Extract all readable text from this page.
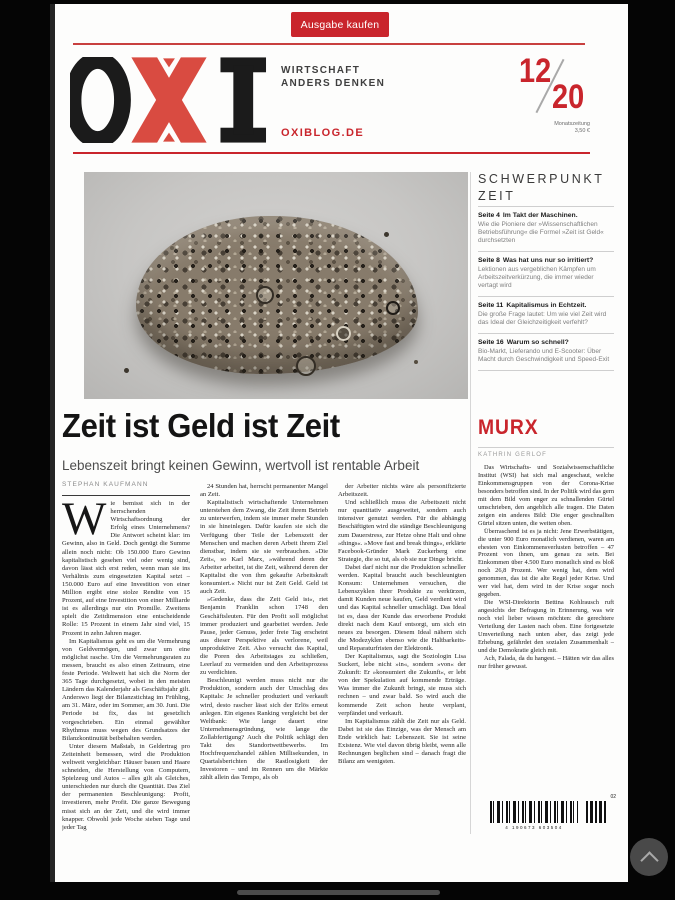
Ausgabe kaufen
WIRTSCHAFT
ANDERS DENKEN
OXIBLOG.DE
12
20
Monatszeitung
3,50 €
Zeit ist Geld ist Zeit
Lebenszeit bringt keinen Gewinn, wertvoll ist rentable Arbeit
STEPHAN KAUFMANN

Wie bemisst sich in der herrschenden Wirtschaftsordnung der Erfolg eines Unternehmens? Die Antwort scheint klar: im Gewinn, also in Geld. Doch genügt die Summe allein noch nicht: Ob 150.000 Euro Gewinn kapitalistisch gesehen viel oder wenig sind, davon lässt sich erst reden, wenn man sie ins Verhältnis zum eingesetzten Kapital setzt – 150.000 Euro auf eine Investition von einer Million ergibt eine stolze Rendite von 15 Prozent, auf eine Investition von einer Milliarde ist es allerdings nur ein Promille. Zweitens spielt die Zeitdimension eine entscheidende Rolle: 15 Prozent in einem Jahr sind viel, 15 Prozent in zehn Jahren mager.

Im Kapitalismus geht es um die Vermehrung von Geldvermögen, und zwar um eine möglichst rasche. Um die Vermehrungsraten zu messen, braucht es also einen Zeitraum, eine feste Periode. Weltweit hat sich die Norm der 365 Tage durchgesetzt, wobei in den meisten Ländern das Kalenderjahr als Geschäftsjahr gilt. Anderswo liegt der Bilanzstichtag im Frühling, am 31. März, oder im Sommer, am 30. Juni. Die Periode ist fix, das ist gesetzlich vorgeschrieben. Ein einmal gewählter Rhythmus muss wegen des Grundsatzes der Bilanzkontinuität beibehalten werden.

Unter diesem Maßstab, in Geldertrag pro Zeiteinheit bemessen, wird die Produktion weltweit vergleichbar: Häuser bauen und Haare schneiden, die Herstellung von Computern, Spielzeug und Autos – alles gilt als Gleiches, unterschieden nur durch die Quantität. Das Ziel der permanenten Beschleunigung: Profit, investieren, mehr Profit. Die ganze Bewegung misst sich an der Zeit, und die wird immer knapper. Obwohl jede Woche sieben Tage und jeder Tag

24 Stunden hat, herrscht permanenter Mangel an Zeit.

Kapitalistisch wirtschaftende Unternehmen unterstehen dem Zwang, die Zeit ihrem Betrieb zu unterwerfen, indem sie immer mehr Stunden in sie hineinlegen. Dafür kaufen sie sich die Verfügung über Teile der Lebenszeit der Menschen und machen deren Arbeit ihrem Ziel dienstbar, indem sie sie verbrauchen. »Die Zeit«, so Karl Marx, »während deren der Arbeiter arbeitet, ist die Zeit, während deren der Kapitalist die von ihm gekaufte Arbeitskraft konsumiert.« Nicht nur ist Zeit Geld. Geld ist auch Zeit.

»Gedenke, dass die Zeit Geld ist«, riet Benjamin Franklin schon 1748 den Geschäftsleuten. Für den Profit soll möglichst immer produziert und gearbeitet werden. Jede Pause, jeder Genuss, jeder freie Tag erscheint aus dieser Perspektive als verlorene, weil unproduktive Zeit. Also versucht das Kapital, die Poren des Arbeitstages zu schließen, Leerlauf zu vermeiden und den Arbeitsprozess zu verdichten.

Beschleunigt werden muss nicht nur die Produktion, sondern auch der Umschlag des Kapitals: Je schneller produziert und verkauft wird, desto rascher lässt sich der Erlös erneut anlegen. Ein eigenes Ranking vergleicht bei der Weltbank: Wie lange dauert eine Unternehmensgründung, wie lange die Zollabfertigung? Auch die Politik schlägt den Takt des Standortwettbewerbs. Im Hochfrequenzhandel zählen Millisekunden, in Quartalsberichten die Rastlosigkeit der Investoren – und im Rennen um die Märkte zählt allein das Tempo, als ob

der Arbeiter nichts wäre als personifizierte Arbeitszeit.

Und schließlich muss die Arbeitszeit nicht nur quantitativ ausgeweitet, sondern auch intensiver genutzt werden. Für die abhängig Beschäftigten wird die ständige Beschleunigung zum Dauerstress, zur Hetze ohne Halt und ohne »things«. »Move fast and break things«, erklärte Facebook-Gründer Mark Zuckerberg eine Strategie, die so tut, als ob sie nur Dinge bricht.

Dabei darf nicht nur die Produktion schneller werden. Kapital braucht auch beschleunigten Konsum: Unternehmen versuchen, die Lebenszyklen ihrer Produkte zu verkürzen, damit Kunden neue kaufen, Geld verdient wird und das Kapital schneller umschlägt. Das Ideal ist es, dass der Kunde das erworbene Produkt direkt nach dem Kauf entsorgt, um sich ein neues zu besorgen. Diesem Ideal nähern sich die Modezyklen ebenso wie die Haltbarkeits- und Reparaturfristen der Elektronik.

Der Kapitalismus, sagt die Soziologin Lisa Suckert, lebe nicht »in«, sondern »von« der Zukunft: Er »konsumiert die Zukunft«, er lebt von der Spekulation auf kommende Erträge. Was immer die Zukunft bringt, sie muss sich rechnen – und zwar bald. So wird auch die kommende Zeit schon heute verplant, verpfändet und verkauft.

Im Kapitalismus zählt die Zeit nur als Geld. Dabei ist sie das Einzige, was der Mensch am Ende wirklich hat: Lebenszeit. Sie ist seine Existenz. Wie viel davon übrig bleibt, wenn alle Rechnungen beglichen sind – danach fragt die Bilanz am wenigsten.

SCHWERPUNKT
ZEIT
Seite 4 Im Takt der Maschinen.
Wie die Pioniere der »Wissenschaftlichen Betriebsführung« die Formel »Zeit ist Geld« durchsetzten
Seite 8 Was hat uns nur so irritiert?
Lektionen aus vergeblichen Kämpfen um Arbeitszeitverkürzung, die immer wieder vertagt wird
Seite 11 Kapitalismus in Echtzeit.
Die große Frage lautet: Um wie viel Zeit wird das Ideal der Gleichzeitigkeit verfehlt?
Seite 16 Warum so schnell?
Bio-Markt, Lieferando und E-Scooter: Über Macht durch Geschwindigkeit und Speed-Exit
MURX
KATHRIN GERLOF

Das Wirtschafts- und Sozialwissenschaftliche Institut (WSI) hat sich mal angeschaut, welche Einkommensgruppen von der Corona-Krise besonders betroffen sind. In der Politik wird das gern mit dem Bild vom enger zu schnallenden Gürtel umschrieben, den angeblich alle tragen. Die Daten zeigen ein anderes Bild: Die enger geschnallten Gürtel sitzen unten, die weiten oben.

Überraschend ist es ja nicht: Jene Erwerbstätigen, die unter 900 Euro monatlich verdienen, waren am ehesten von Einkommensverlusten betroffen – 47 Prozent von ihnen, um genau zu sein. Bei Einkommen über 4.500 Euro monatlich sind es bloß noch 26,8 Prozent. Wer wenig hat, dem wird genommen, das ist die alte Regel jeder Krise. Und wer viel hat, dem wird in der Krise sogar noch gegeben.

Die WSI-Direktorin Bettina Kohlrausch ruft angesichts der Befragung in Erinnerung, was wir noch viel lieber wissen möchten: die gerechtere Verteilung der Lasten nach oben. Eine fortgesetzte Umverteilung nach unten aber, das zeigt jede Erhebung, gefährdet den sozialen Zusammenhalt – und die Demokratie gleich mit.

Ach, Falada, da du hangest. – Hätten wir das alles nur früher gewusst.

02
4 190673 603504
